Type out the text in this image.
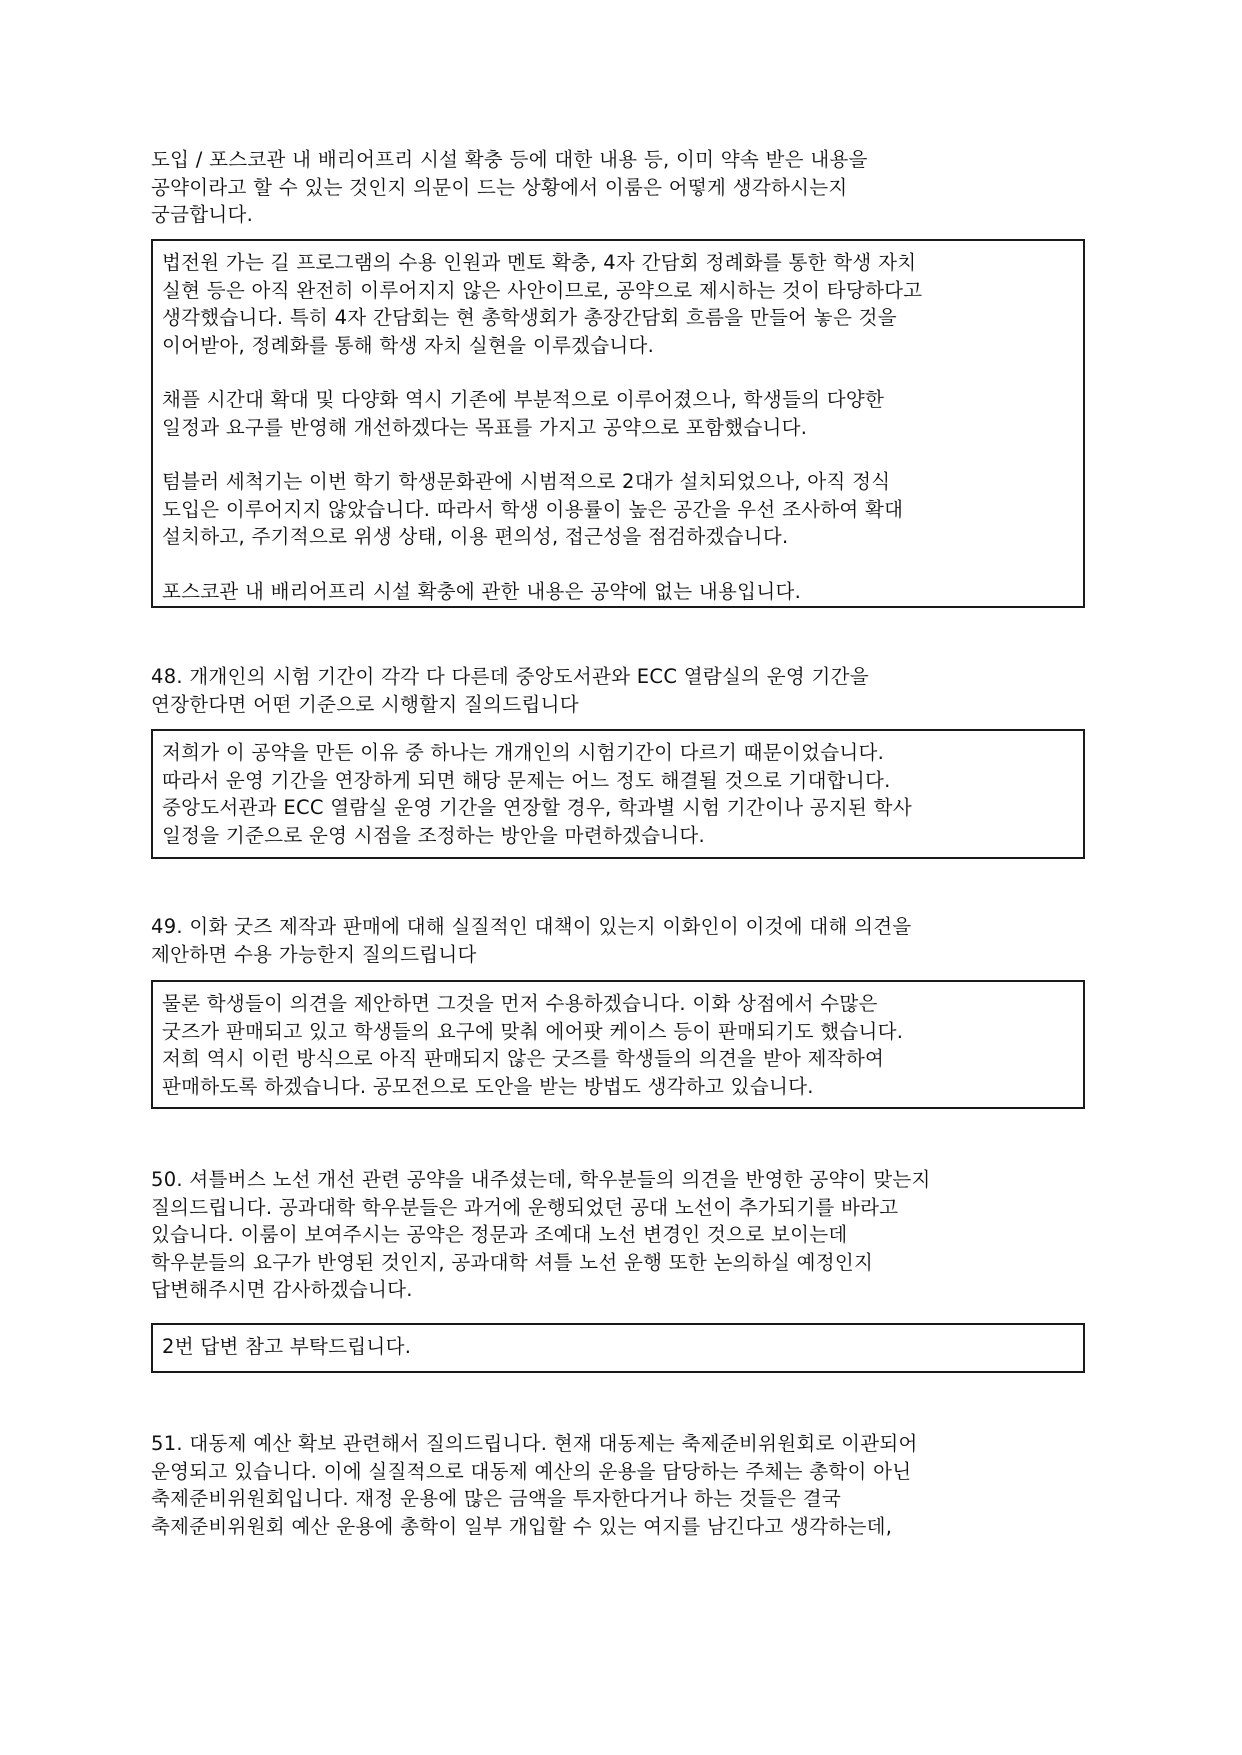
도입 / 포스코관 내 배리어프리 시설 확충 등에 대한 내용 등, 이미 약속 받은 내용을
공약이라고 할 수 있는 것인지 의문이 드는 상황에서 이룸은 어떻게 생각하시는지
궁금합니다.

법전원 가는 길 프로그램의 수용 인원과 멘토 확충, 4자 간담회 정례화를 통한 학생 자치
실현 등은 아직 완전히 이루어지지 않은 사안이므로, 공약으로 제시하는 것이 타당하다고
생각했습니다. 특히 4자 간담회는 현 총학생회가 총장간담회 흐름을 만들어 놓은 것을
이어받아, 정례화를 통해 학생 자치 실현을 이루겠습니다.

채플 시간대 확대 및 다양화 역시 기존에 부분적으로 이루어졌으나, 학생들의 다양한
일정과 요구를 반영해 개선하겠다는 목표를 가지고 공약으로 포함했습니다.

텀블러 세척기는 이번 학기 학생문화관에 시범적으로 2대가 설치되었으나, 아직 정식
도입은 이루어지지 않았습니다. 따라서 학생 이용률이 높은 공간을 우선 조사하여 확대
설치하고, 주기적으로 위생 상태, 이용 편의성, 접근성을 점검하겠습니다.

포스코관 내 배리어프리 시설 확충에 관한 내용은 공약에 없는 내용입니다.

48. 개개인의 시험 기간이 각각 다 다른데 중앙도서관와 ECC 열람실의 운영 기간을
연장한다면 어떤 기준으로 시행할지 질의드립니다

저희가 이 공약을 만든 이유 중 하나는 개개인의 시험기간이 다르기 때문이었습니다.
따라서 운영 기간을 연장하게 되면 해당 문제는 어느 정도 해결될 것으로 기대합니다.
중앙도서관과 ECC 열람실 운영 기간을 연장할 경우, 학과별 시험 기간이나 공지된 학사
일정을 기준으로 운영 시점을 조정하는 방안을 마련하겠습니다.

49. 이화 굿즈 제작과 판매에 대해 실질적인 대책이 있는지 이화인이 이것에 대해 의견을
제안하면 수용 가능한지 질의드립니다

물론 학생들이 의견을 제안하면 그것을 먼저 수용하겠습니다. 이화 상점에서 수많은
굿즈가 판매되고 있고 학생들의 요구에 맞춰 에어팟 케이스 등이 판매되기도 했습니다.
저희 역시 이런 방식으로 아직 판매되지 않은 굿즈를 학생들의 의견을 받아 제작하여
판매하도록 하겠습니다. 공모전으로 도안을 받는 방법도 생각하고 있습니다.

50. 셔틀버스 노선 개선 관련 공약을 내주셨는데, 학우분들의 의견을 반영한 공약이 맞는지
질의드립니다. 공과대학 학우분들은 과거에 운행되었던 공대 노선이 추가되기를 바라고
있습니다. 이룸이 보여주시는 공약은 정문과 조예대 노선 변경인 것으로 보이는데
학우분들의 요구가 반영된 것인지, 공과대학 셔틀 노선 운행 또한 논의하실 예정인지
답변해주시면 감사하겠습니다.

2번 답변 참고 부탁드립니다.

51. 대동제 예산 확보 관련해서 질의드립니다. 현재 대동제는 축제준비위원회로 이관되어
운영되고 있습니다. 이에 실질적으로 대동제 예산의 운용을 담당하는 주체는 총학이 아닌
축제준비위원회입니다. 재정 운용에 많은 금액을 투자한다거나 하는 것들은 결국
축제준비위원회 예산 운용에 총학이 일부 개입할 수 있는 여지를 남긴다고 생각하는데,
